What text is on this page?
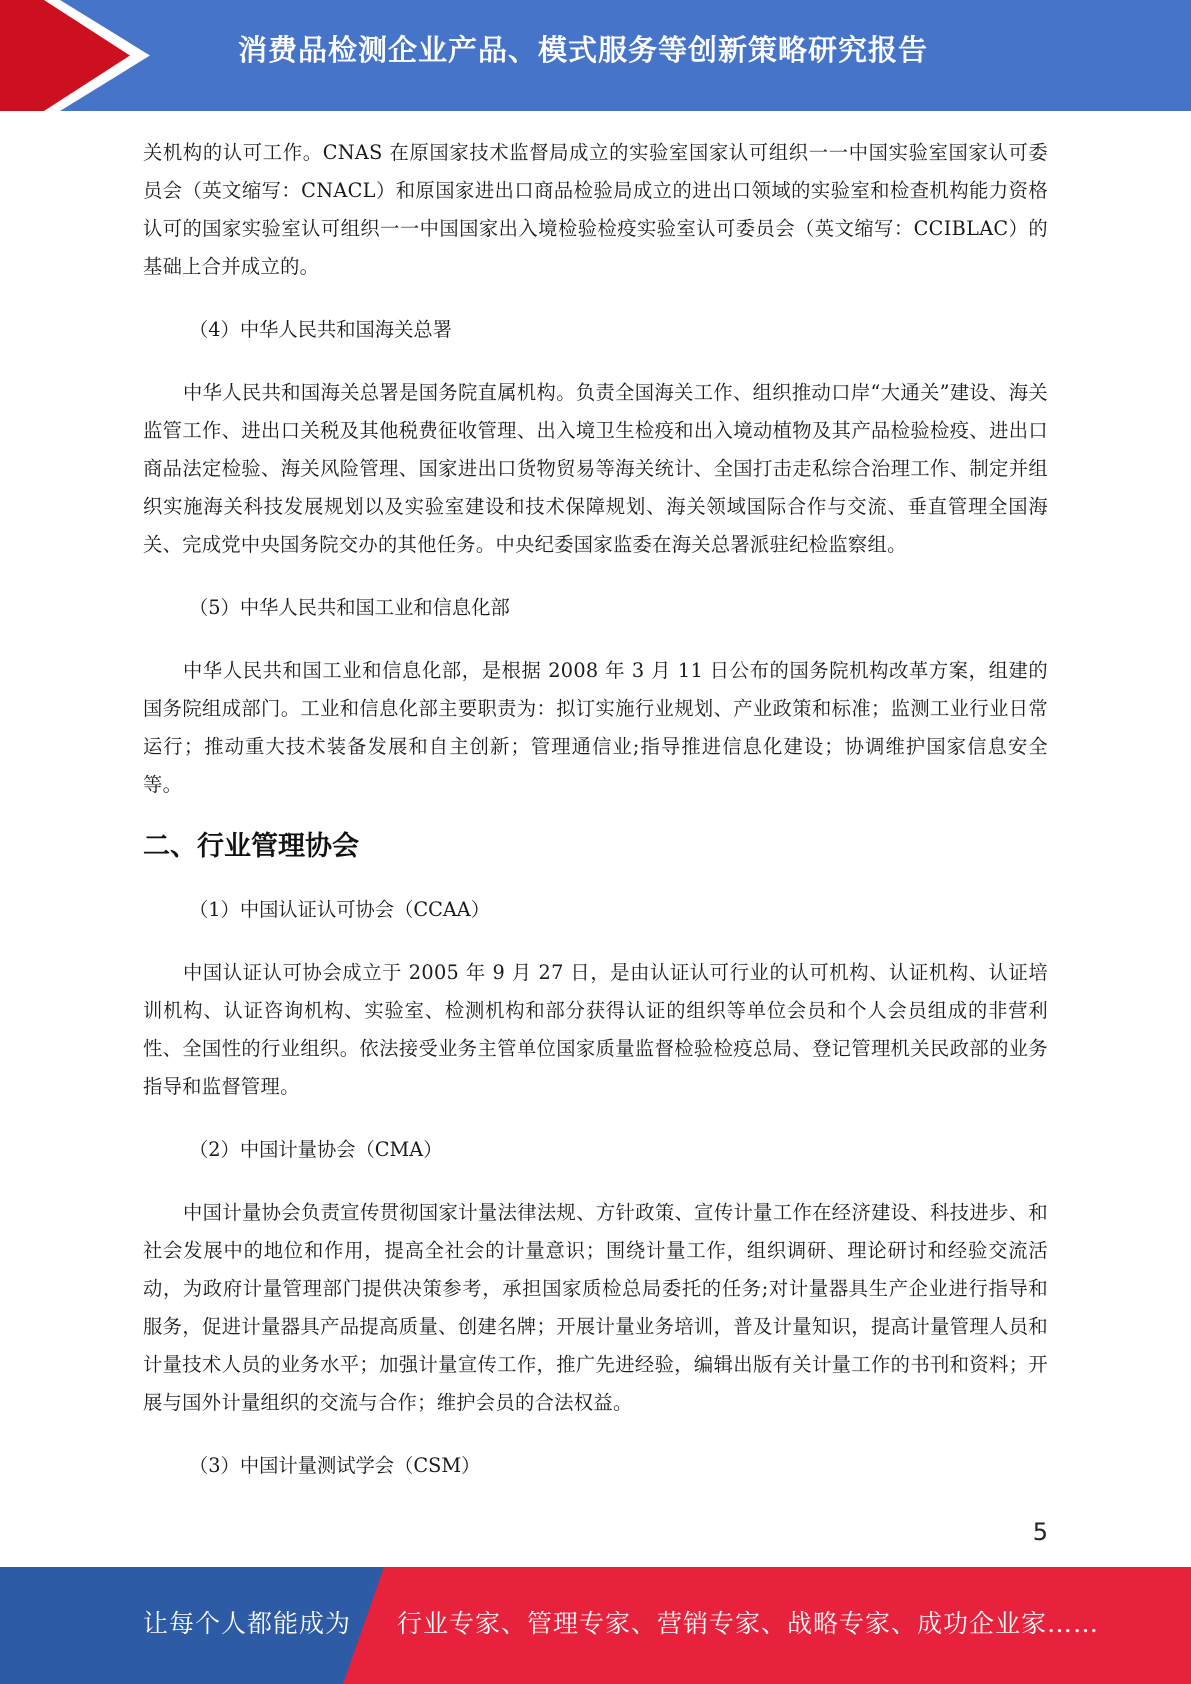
消费品检测企业产品、模式服务等创新策略研究报告

关机构的认可工作。CNAS 在原国家技术监督局成立的实验室国家认可组织一一中国实验室国家认可委员会（英文缩写：CNACL）和原国家进出口商品检验局成立的进出口领域的实验室和检查机构能力资格认可的国家实验室认可组织一一中国国家出入境检验检疫实验室认可委员会（英文缩写：CCIBLAC）的基础上合并成立的。

（4）中华人民共和国海关总署

中华人民共和国海关总署是国务院直属机构。负责全国海关工作、组织推动口岸“大通关”建设、海关监管工作、进出口关税及其他税费征收管理、出入境卫生检疫和出入境动植物及其产品检验检疫、进出口商品法定检验、海关风险管理、国家进出口货物贸易等海关统计、全国打击走私综合治理工作、制定并组织实施海关科技发展规划以及实验室建设和技术保障规划、海关领域国际合作与交流、垂直管理全国海关、完成党中央国务院交办的其他任务。中央纪委国家监委在海关总署派驻纪检监察组。

（5）中华人民共和国工业和信息化部

中华人民共和国工业和信息化部，是根据 2008 年 3 月 11 日公布的国务院机构改革方案，组建的国务院组成部门。工业和信息化部主要职责为：拟订实施行业规划、产业政策和标准；监测工业行业日常运行；推动重大技术装备发展和自主创新；管理通信业;指导推进信息化建设；协调维护国家信息安全等。

二、行业管理协会

（1）中国认证认可协会（CCAA）

中国认证认可协会成立于 2005 年 9 月 27 日，是由认证认可行业的认可机构、认证机构、认证培训机构、认证咨询机构、实验室、检测机构和部分获得认证的组织等单位会员和个人会员组成的非营利性、全国性的行业组织。依法接受业务主管单位国家质量监督检验检疫总局、登记管理机关民政部的业务指导和监督管理。

（2）中国计量协会（CMA）

中国计量协会负责宣传贯彻国家计量法律法规、方针政策、宣传计量工作在经济建设、科技进步、和社会发展中的地位和作用，提高全社会的计量意识；围绕计量工作，组织调研、理论研讨和经验交流活动，为政府计量管理部门提供决策参考，承担国家质检总局委托的任务;对计量器具生产企业进行指导和服务，促进计量器具产品提高质量、创建名牌；开展计量业务培训，普及计量知识，提高计量管理人员和计量技术人员的业务水平；加强计量宣传工作，推广先进经验，编辑出版有关计量工作的书刊和资料；开展与国外计量组织的交流与合作；维护会员的合法权益。

（3）中国计量测试学会（CSM）

5
让每个人都能成为 行业专家、管理专家、营销专家、战略专家、成功企业家……
